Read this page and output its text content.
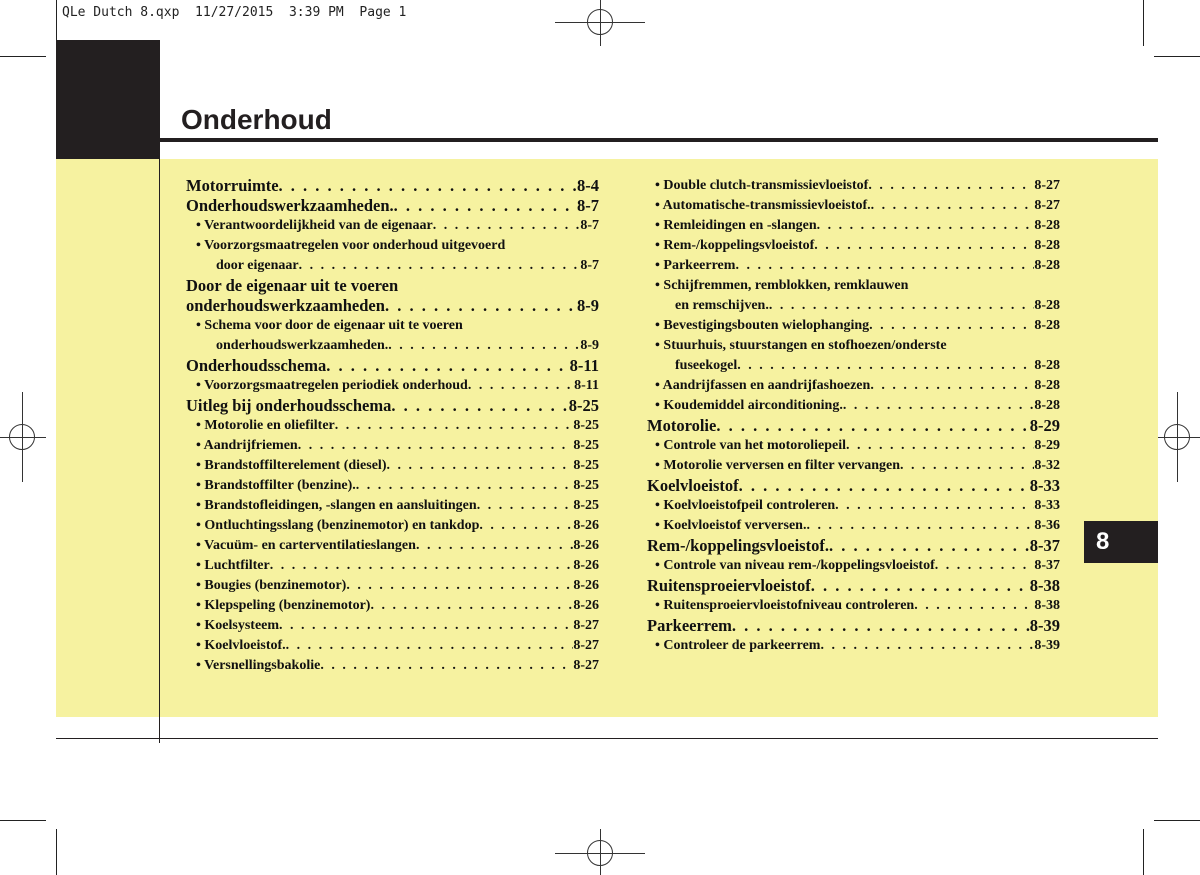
QLe Dutch 8.qxp  11/27/2015  3:39 PM  Page 1
Onderhoud
8
Motorruimte . . .	8-4
Onderhoudswerkzaamheden. . . .	8-7
• Verantwoordelijkheid van de eigenaar . . .	8-7
• Voorzorgsmaatregelen voor onderhoud uitgevoerd
door eigenaar . . .	8-7
Door de eigenaar uit te voeren
onderhoudswerkzaamheden . . .	8-9
• Schema voor door de eigenaar uit te voeren
onderhoudswerkzaamheden. . . .	8-9
Onderhoudsschema . . .	8-11
• Voorzorgsmaatregelen periodiek onderhoud . . .	8-11
Uitleg bij onderhoudsschema . . .	8-25
• Motorolie en oliefilter . . .	8-25
• Aandrijfriemen . . .	8-25
• Brandstoffilterelement (diesel) . . .	8-25
• Brandstoffilter (benzine). . . .	8-25
• Brandstofleidingen, -slangen en aansluitingen . . .	8-25
• Ontluchtingsslang (benzinemotor) en tankdop . . .	8-26
• Vacuüm- en carterventilatieslangen . . .	8-26
• Luchtfilter . . .	8-26
• Bougies (benzinemotor) . . .	8-26
• Klepspeling (benzinemotor) . . .	8-26
• Koelsysteem . . .	8-27
• Koelvloeistof. . . .	8-27
• Versnellingsbakolie . . .	8-27
• Double clutch-transmissievloeistof . . .	8-27
• Automatische-transmissievloeistof. . . .	8-27
• Remleidingen en -slangen . . .	8-28
• Rem-/koppelingsvloeistof . . .	8-28
• Parkeerrem . . .	8-28
• Schijfremmen, remblokken, remklauwen
en remschijven. . . .	8-28
• Bevestigingsbouten wielophanging . . .	8-28
• Stuurhuis, stuurstangen en stofhoezen/onderste
fuseekogel . . .	8-28
• Aandrijfassen en aandrijfashoezen . . .	8-28
• Koudemiddel airconditioning. . . .	8-28
Motorolie . . .	8-29
• Controle van het motoroliepeil . . .	8-29
• Motorolie verversen en filter vervangen . . .	8-32
Koelvloeistof . . .	8-33
• Koelvloeistofpeil controleren . . .	8-33
• Koelvloeistof verversen. . . .	8-36
Rem-/koppelingsvloeistof. . . .	8-37
• Controle van niveau rem-/koppelingsvloeistof . . .	8-37
Ruitensproeiervloeistof . . .	8-38
• Ruitensproeiervloeistofniveau controleren . . .	8-38
Parkeerrem . . .	8-39
• Controleer de parkeerrem . . .	8-39
